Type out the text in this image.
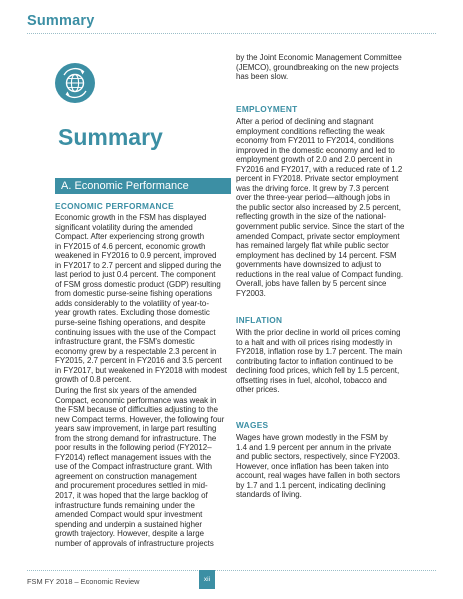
Summary
Summary
A. Economic Performance
ECONOMIC PERFORMANCE
Economic growth in the FSM has displayed
significant volatility during the amended
Compact. After experiencing strong growth
in FY2015 of 4.6 percent, economic growth
weakened in FY2016 to 0.9 percent, improved
in FY2017 to 2.7 percent and slipped during the
last period to just 0.4 percent. The component
of FSM gross domestic product (GDP) resulting
from domestic purse-seine fishing operations
adds considerably to the volatility of year-to-
year growth rates. Excluding those domestic
purse-seine fishing operations, and despite
continuing issues with the use of the Compact
infrastructure grant, the FSM's domestic
economy grew by a respectable 2.3 percent in
FY2015, 2.7 percent in FY2016 and 3.5 percent
in FY2017, but weakened in FY2018 with modest
growth of 0.8 percent.
During the first six years of the amended
Compact, economic performance was weak in
the FSM because of difficulties adjusting to the
new Compact terms. However, the following four
years saw improvement, in large part resulting
from the strong demand for infrastructure. The
poor results in the following period (FY2012–
FY2014) reflect management issues with the
use of the Compact infrastructure grant. With
agreement on construction management
and procurement procedures settled in mid-
2017, it was hoped that the large backlog of
infrastructure funds remaining under the
amended Compact would spur investment
spending and underpin a sustained higher
growth trajectory. However, despite a large
number of approvals of infrastructure projects
by the Joint Economic Management Committee
(JEMCO), groundbreaking on the new projects
has been slow.
EMPLOYMENT
After a period of declining and stagnant
employment conditions reflecting the weak
economy from FY2011 to FY2014, conditions
improved in the domestic economy and led to
employment growth of 2.0 and 2.0 percent in
FY2016 and FY2017, with a reduced rate of 1.2
percent in FY2018. Private sector employment
was the driving force. It grew by 7.3 percent
over the three-year period—although jobs in
the public sector also increased by 2.5 percent,
reflecting growth in the size of the national-
government public service. Since the start of the
amended Compact, private sector employment
has remained largely flat while public sector
employment has declined by 14 percent. FSM
governments have downsized to adjust to
reductions in the real value of Compact funding.
Overall, jobs have fallen by 5 percent since
FY2003.
INFLATION
With the prior decline in world oil prices coming
to a halt and with oil prices rising modestly in
FY2018, inflation rose by 1.7 percent. The main
contributing factor to inflation continued to be
declining food prices, which fell by 1.5 percent,
offsetting rises in fuel, alcohol, tobacco and
other prices.
WAGES
Wages have grown modestly in the FSM by
1.4 and 1.9 percent per annum in the private
and public sectors, respectively, since FY2003.
However, once inflation has been taken into
account, real wages have fallen in both sectors
by 1.7 and 1.1 percent, indicating declining
standards of living.
FSM FY 2018 – Economic Review	xii
